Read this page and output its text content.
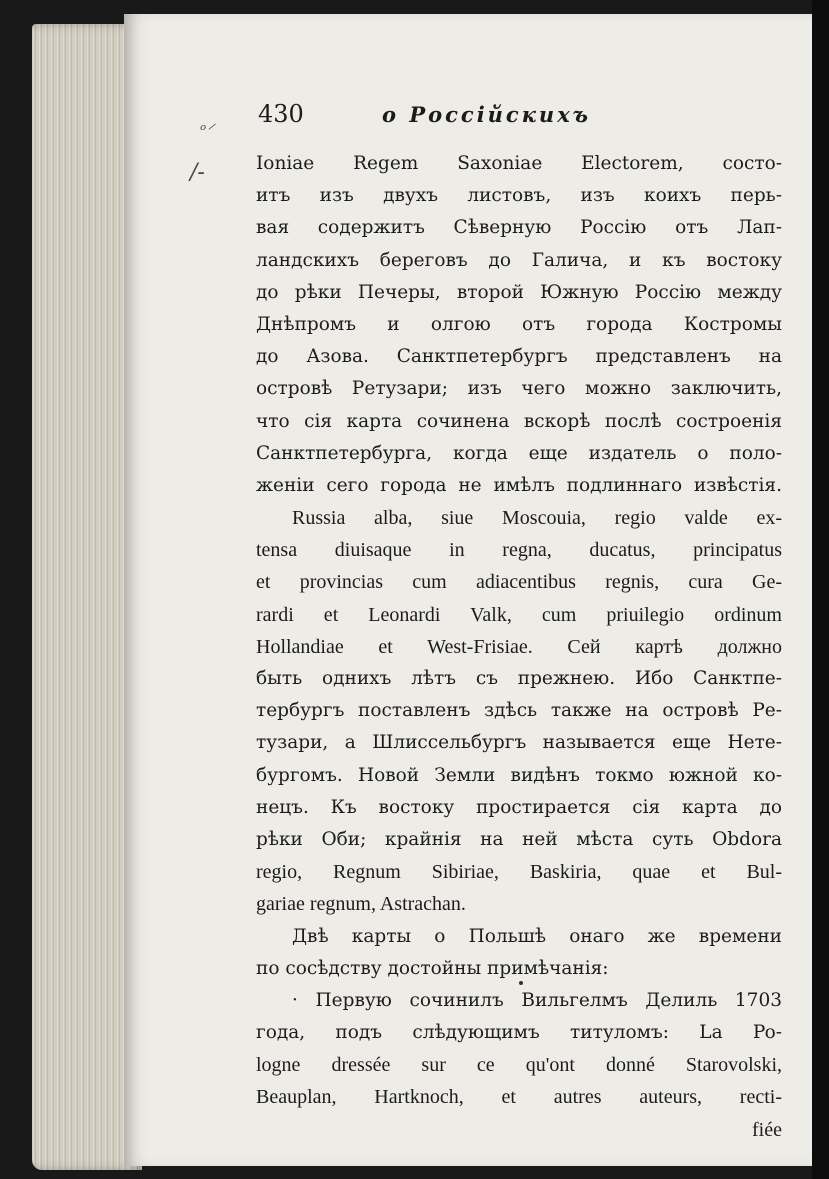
ᵒ⸍
/-
430	о Россійскихъ
Ioniae Regem Saxoniae Electorem, состо-
итъ изъ двухъ листовъ, изъ коихъ перь-
вая содержитъ Сѣверную Россію отъ Лап-
ландскихъ береговъ до Галича, и къ востоку
до рѣки Печеры, второй Южную Россію между
Днѣпромъ и олгою отъ города Костромы
до Азова. Санктпетербургъ представленъ на
островѣ Ретузари; изъ чего можно заключить,
что сія карта сочинена вскорѣ послѣ состроенія
Санктпетербурга, когда еще издатель о поло-
женіи сего города не имѣлъ подлиннаго извѣстія.
Russia alba, siue Moscouia, regio valde ex-
tensa diuisaque in regna, ducatus, principatus
et provincias cum adiacentibus regnis, cura Ge-
rardi et Leonardi Valk, cum priuilegio ordinum
Hollandiae et West-Frisiae. Сей картѣ должно
быть однихъ лѣтъ съ прежнею. Ибо Санктпе-
тербургъ поставленъ здѣсь также на островѣ Ре-
тузари, а Шлиссельбургъ называется еще Нете-
бургомъ. Новой Земли видѣнъ токмо южной ко-
нецъ. Къ востоку простирается сія карта до
рѣки Оби; крайнія на ней мѣста суть Obdora
regio, Regnum Sibiriae, Baskiria, quae et Bul-
gariae regnum, Astrachan.
Двѣ карты о Польшѣ онаго же времени
по сосѣдству достойны примѣчанія:
· Первую сочинилъ Вильгелмъ Делиль 1703
года, подъ слѣдующимъ титуломъ: La Po-
logne dressée sur ce qu'ont donné Starovolski,
Beauplan, Hartknoch, et autres auteurs, recti-
fiée
